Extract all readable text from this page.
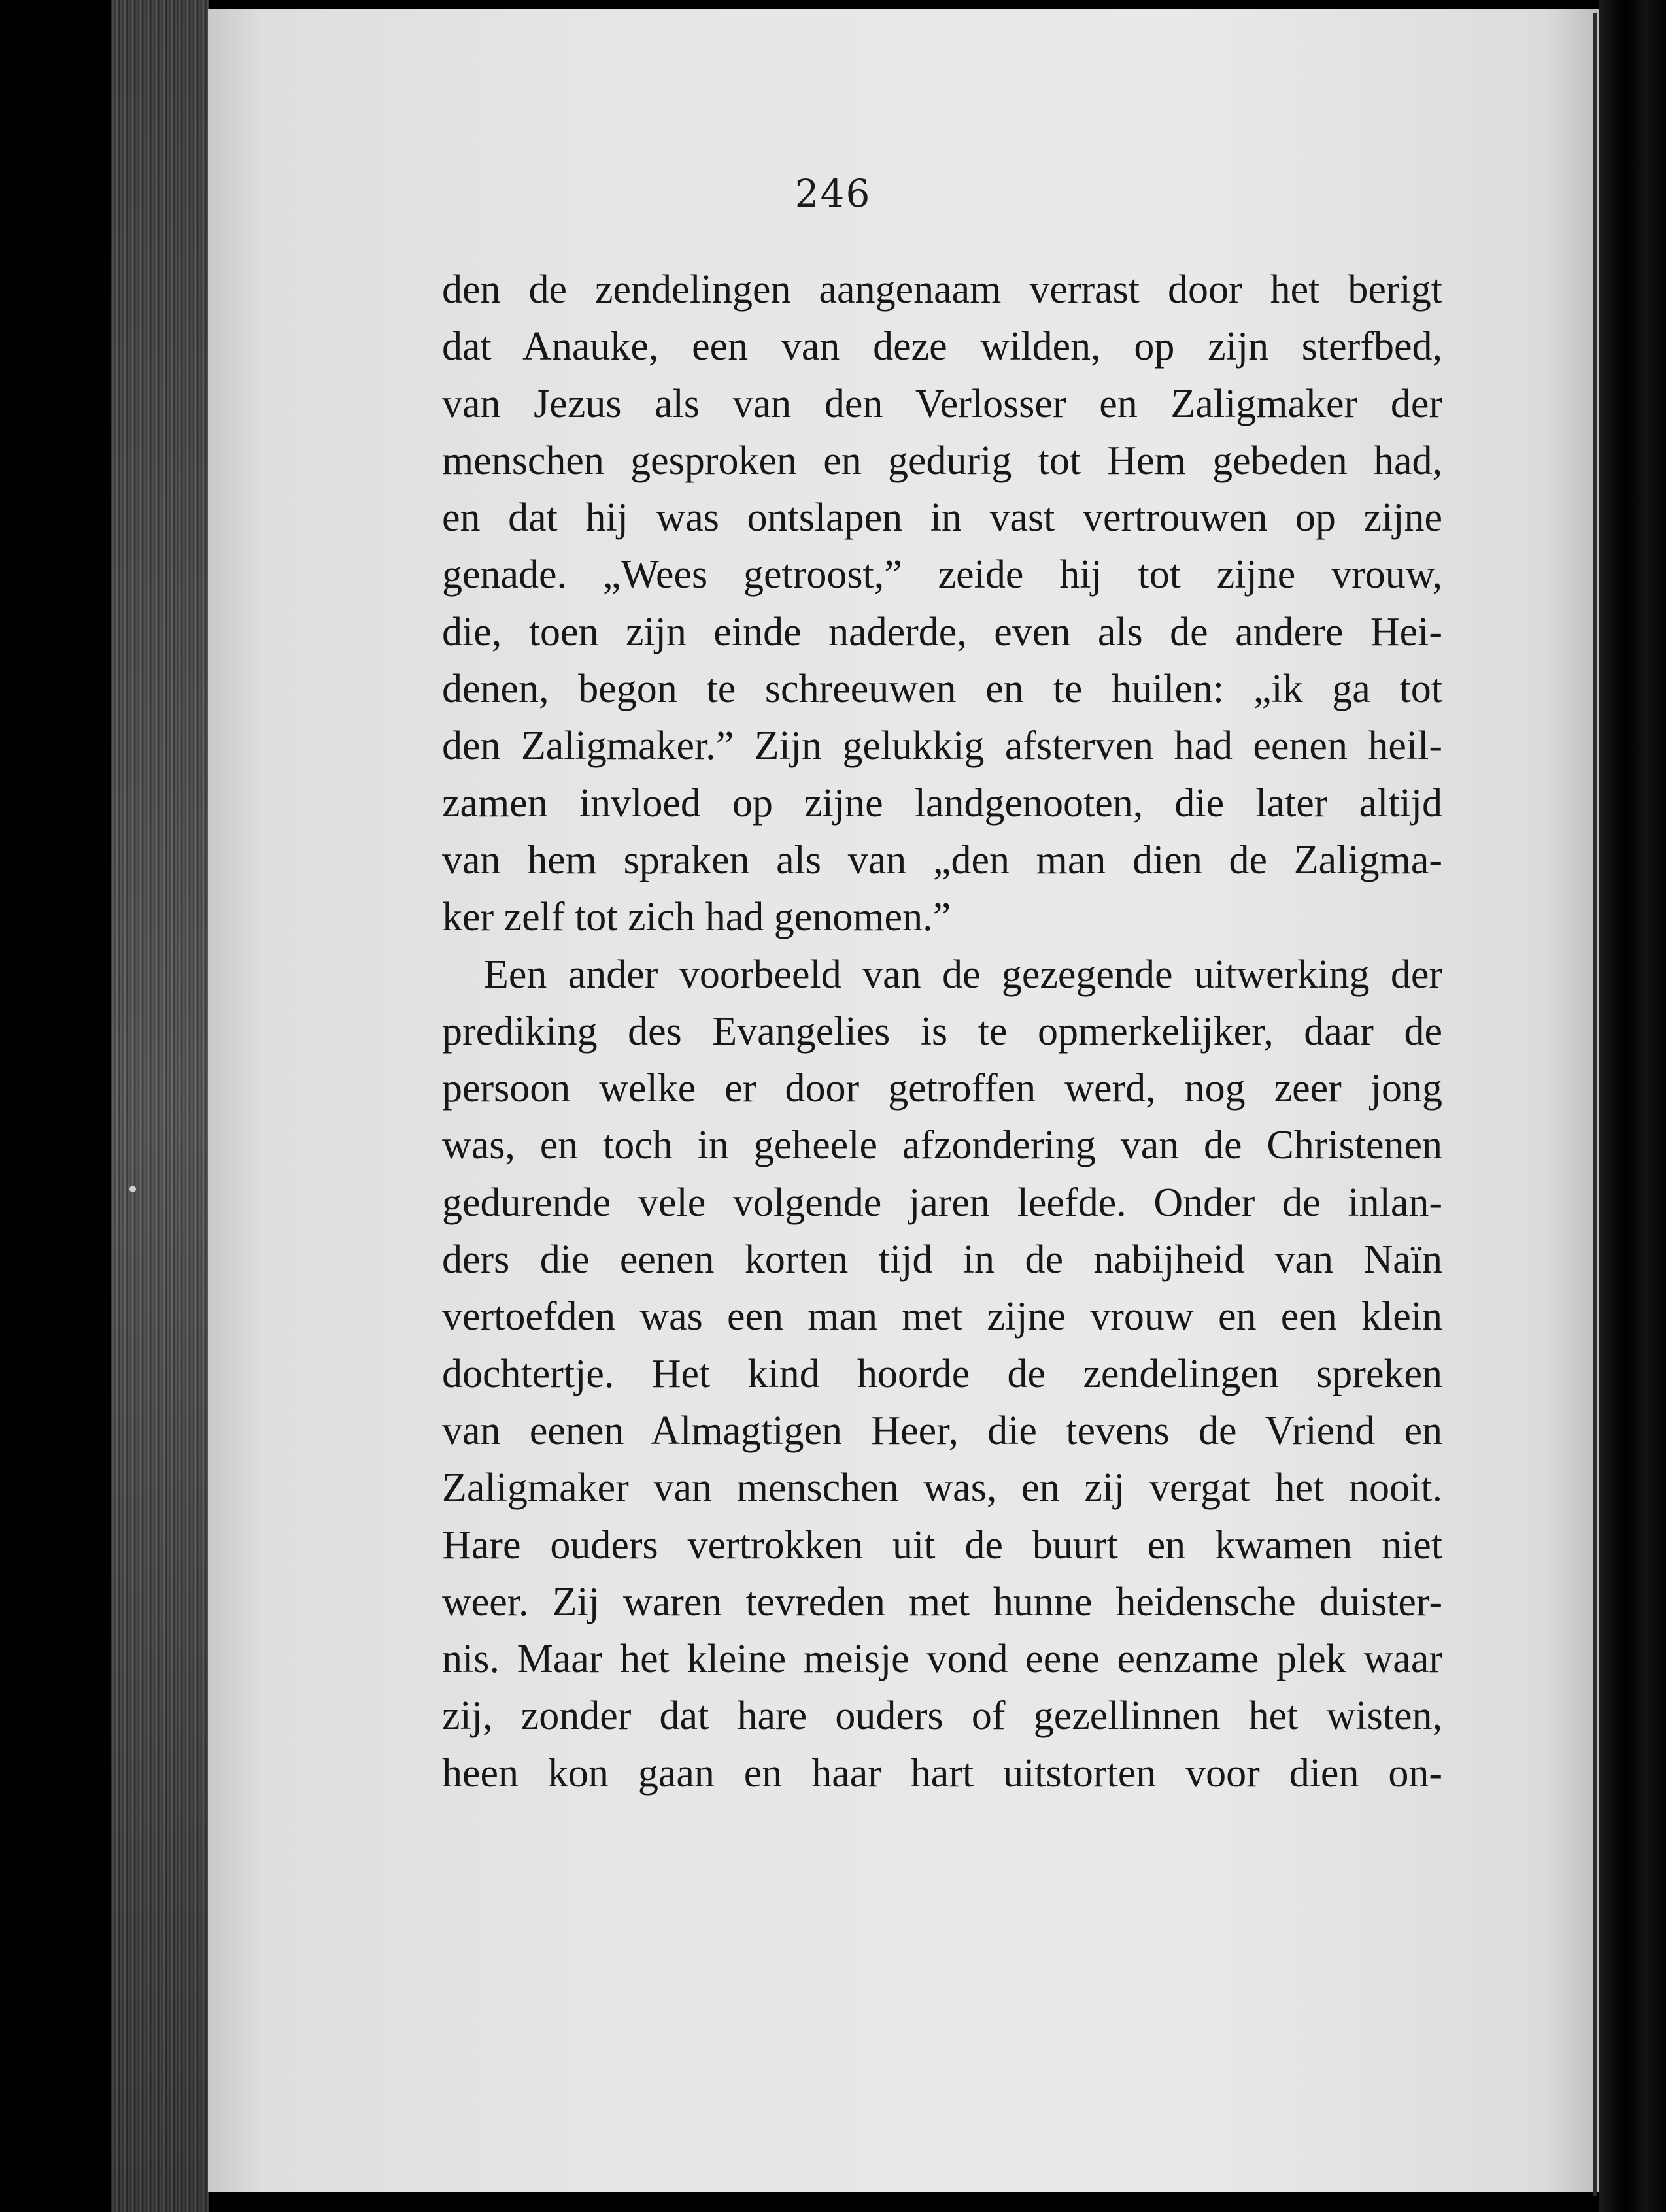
246
den de zendelingen aangenaam verrast door het berigt
dat Anauke, een van deze wilden, op zijn sterfbed,
van Jezus als van den Verlosser en Zaligmaker der
menschen gesproken en gedurig tot Hem gebeden had,
en dat hij was ontslapen in vast vertrouwen op zijne
genade. „Wees getroost,” zeide hij tot zijne vrouw,
die, toen zijn einde naderde, even als de andere Hei-
denen, begon te schreeuwen en te huilen: „ik ga tot
den Zaligmaker.” Zijn gelukkig afsterven had eenen heil-
zamen invloed op zijne landgenooten, die later altijd
van hem spraken als van „den man dien de Zaligma-
ker zelf tot zich had genomen.”
Een ander voorbeeld van de gezegende uitwerking der
prediking des Evangelies is te opmerkelijker, daar de
persoon welke er door getroffen werd, nog zeer jong
was, en toch in geheele afzondering van de Christenen
gedurende vele volgende jaren leefde. Onder de inlan-
ders die eenen korten tijd in de nabijheid van Naïn
vertoefden was een man met zijne vrouw en een klein
dochtertje. Het kind hoorde de zendelingen spreken
van eenen Almagtigen Heer, die tevens de Vriend en
Zaligmaker van menschen was, en zij vergat het nooit.
Hare ouders vertrokken uit de buurt en kwamen niet
weer. Zij waren tevreden met hunne heidensche duister-
nis. Maar het kleine meisje vond eene eenzame plek waar
zij, zonder dat hare ouders of gezellinnen het wisten,
heen kon gaan en haar hart uitstorten voor dien on-
